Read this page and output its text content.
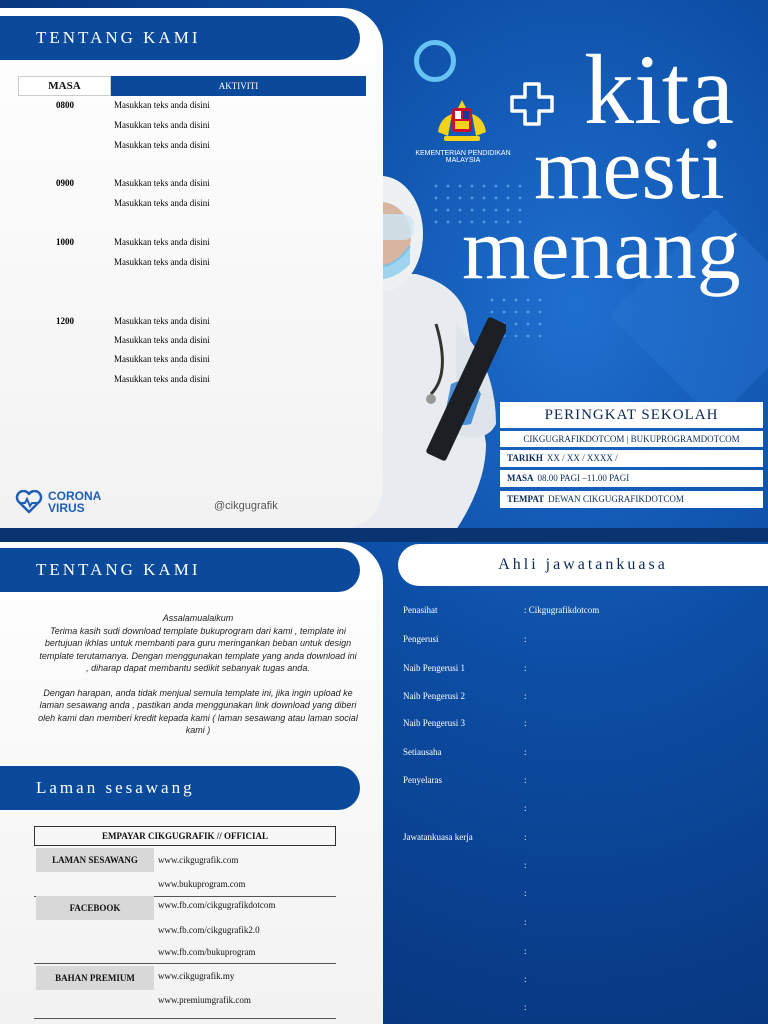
KEMENTERIAN PENDIDIKAN MALAYSIA
kita
mesti
menang
PERINGKAT SEKOLAH
CIKGUGRAFIKDOTCOM | BUKUPROGRAMDOTCOM
TARIKH XX / XX / XXXX /
MASA 08.00 PAGI –11.00 PAGI
TEMPAT DEWAN CIKGUGRAFIKDOTCOM
TENTANG KAMI
MASA	AKTIVITI
0800	Masukkan teks anda disini
Masukkan teks anda disini
Masukkan teks anda disini
0900	Masukkan teks anda disini
Masukkan teks anda disini
1000	Masukkan teks anda disini
Masukkan teks anda disini
1200	Masukkan teks anda disini
Masukkan teks anda disini
Masukkan teks anda disini
Masukkan teks anda disini
CORONA
VIRUS	@cikgugrafik
TENTANG KAMI
Assalamualaikum
Terima kasih sudi download template bukuprogram dari kami , template ini bertujuan ikhlas untuk membanti para guru meringankan beban untuk design template terutamanya. Dengan menggunakan template yang anda download ini , diharap dapat membantu sedikit sebanyak tugas anda.
Dengan harapan, anda tidak menjual semula template ini, jika ingin upload ke laman sesawang anda , pastikan anda menggunakan link download yang diberi oleh kami dan memberi kredit kepada kami ( laman sesawang atau laman social kami )
Laman sesawang
EMPAYAR CIKGUGRAFIK // OFFICIAL
LAMAN SESAWANG	www.cikgugrafik.com
www.bukuprogram.com
FACEBOOK	www.fb.com/cikgugrafikdotcom
www.fb.com/cikgugrafik2.0
www.fb.com/bukuprogram
BAHAN PREMIUM	www.cikgugrafik.my
www.premiumgrafik.com
Ahli jawatankuasa
Penasihat	: Cikgugrafikdotcom
Pengerusi	:
Naib Pengerusi 1	:
Naib Pengerusi 2	:
Naib Pengerusi 3	:
Setiausaha	:
Penyelaras	:
:
Jawatankuasa kerja	:
:
:
:
:
:
:
